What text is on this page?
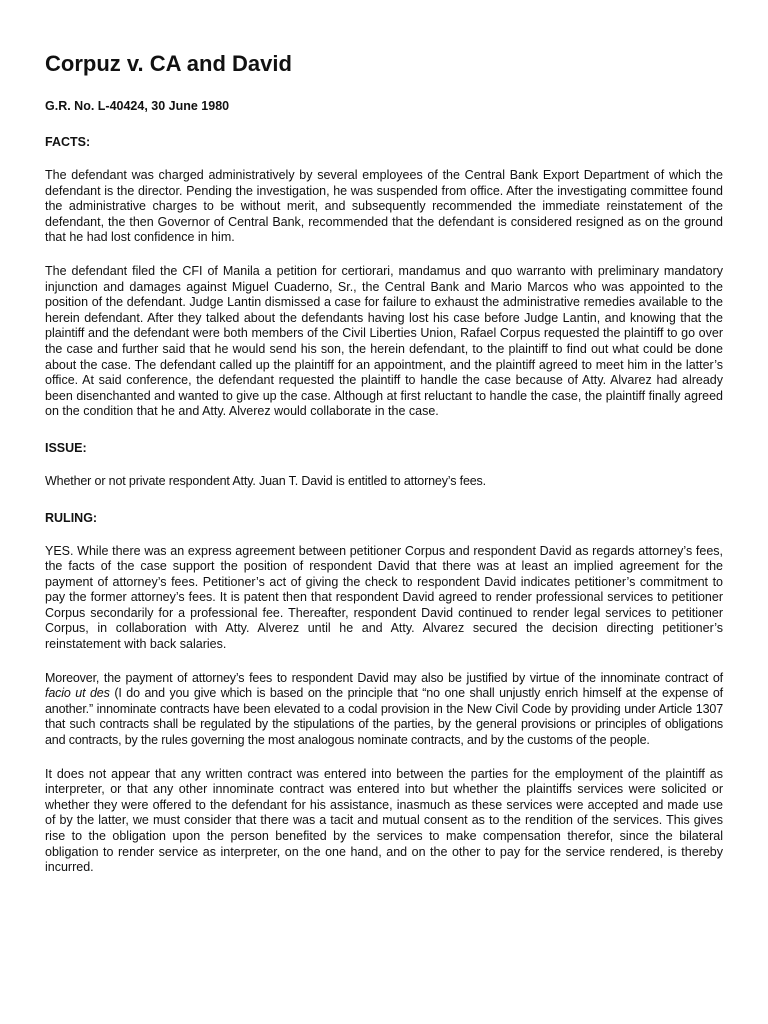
Corpuz v. CA and David
G.R. No. L-40424, 30 June 1980
FACTS:

The defendant was charged administratively by several employees of the Central Bank Export Department of which the defendant is the director. Pending the investigation, he was suspended from office. After the investigating committee found the administrative charges to be without merit, and subsequently recommended the immediate reinstatement of the defendant, the then Governor of Central Bank, recommended that the defendant is considered resigned as on the ground that he had lost confidence in him.

The defendant filed the CFI of Manila a petition for certiorari, mandamus and quo warranto with preliminary mandatory injunction and damages against Miguel Cuaderno, Sr., the Central Bank and Mario Marcos who was appointed to the position of the defendant. Judge Lantin dismissed a case for failure to exhaust the administrative remedies available to the herein defendant. After they talked about the defendants having lost his case before Judge Lantin, and knowing that the plaintiff and the defendant were both members of the Civil Liberties Union, Rafael Corpus requested the plaintiff to go over the case and further said that he would send his son, the herein defendant, to the plaintiff to find out what could be done about the case. The defendant called up the plaintiff for an appointment, and the plaintiff agreed to meet him in the latter’s office. At said conference, the defendant requested the plaintiff to handle the case because of Atty. Alvarez had already been disenchanted and wanted to give up the case. Although at first reluctant to handle the case, the plaintiff finally agreed on the condition that he and Atty. Alverez would collaborate in the case.

ISSUE:

Whether or not private respondent Atty. Juan T. David is entitled to attorney’s fees.

RULING:

YES. While there was an express agreement between petitioner Corpus and respondent David as regards attorney’s fees, the facts of the case support the position of respondent David that there was at least an implied agreement for the payment of attorney’s fees. Petitioner’s act of giving the check to respondent David indicates petitioner’s commitment to pay the former attorney’s fees. It is patent then that respondent David agreed to render professional services to petitioner Corpus secondarily for a professional fee. Thereafter, respondent David continued to render legal services to petitioner Corpus, in collaboration with Atty. Alverez until he and Atty. Alvarez secured the decision directing petitioner’s reinstatement with back salaries.

Moreover, the payment of attorney’s fees to respondent David may also be justified by virtue of the innominate contract of facio ut des (I do and you give which is based on the principle that “no one shall unjustly enrich himself at the expense of another.” innominate contracts have been elevated to a codal provision in the New Civil Code by providing under Article 1307 that such contracts shall be regulated by the stipulations of the parties, by the general provisions or principles of obligations and contracts, by the rules governing the most analogous nominate contracts, and by the customs of the people.

It does not appear that any written contract was entered into between the parties for the employment of the plaintiff as interpreter, or that any other innominate contract was entered into but whether the plaintiffs services were solicited or whether they were offered to the defendant for his assistance, inasmuch as these services were accepted and made use of by the latter, we must consider that there was a tacit and mutual consent as to the rendition of the services. This gives rise to the obligation upon the person benefited by the services to make compensation therefor, since the bilateral obligation to render service as interpreter, on the one hand, and on the other to pay for the service rendered, is thereby incurred.
